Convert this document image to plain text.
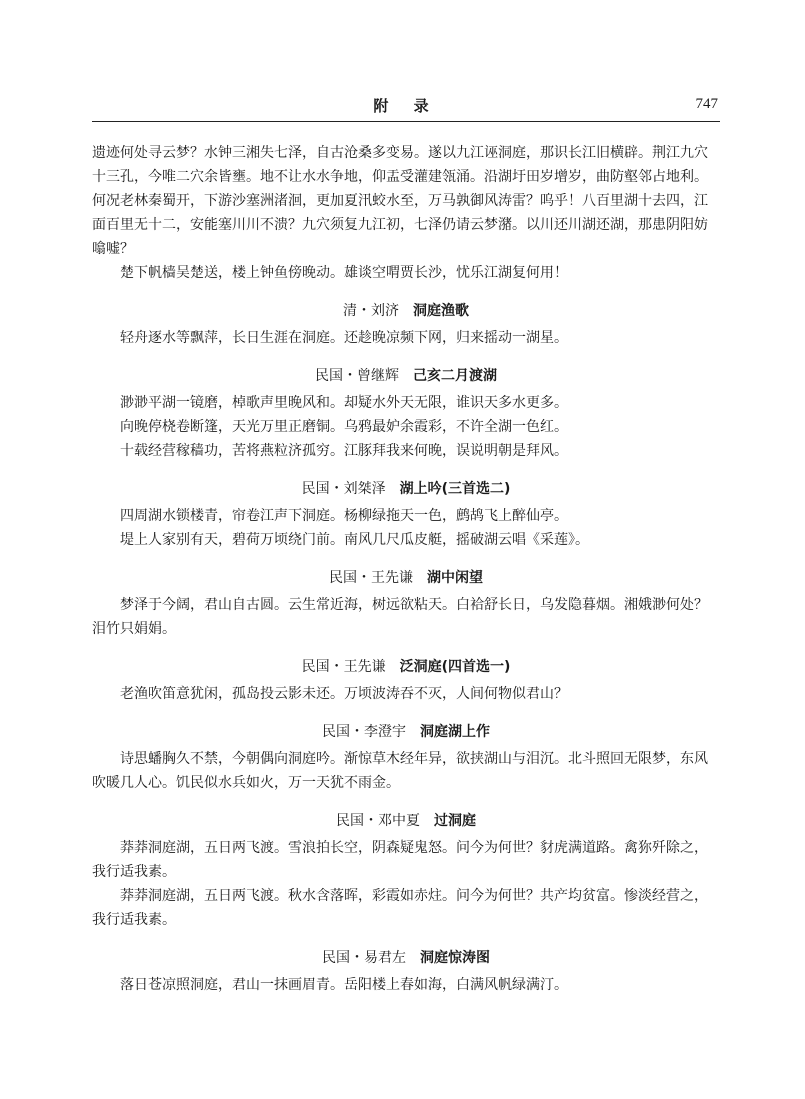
附 录	747

遗迹何处寻云梦？水钟三湘失七泽，自古沧桑多变易。遂以九江诬洞庭，那识长江旧横辟。荆江九穴
十三孔，今唯二穴余皆壅。地不让水水争地，仰盂受灌建瓴涌。沿湖圩田岁增岁，曲防壑邻占地利。
何况老林秦蜀开，下游沙塞洲渚洄，更加夏汛蛟水至，万马孰御风涛雷？呜乎！八百里湖十去四，江
面百里无十二，安能塞川川不溃？九穴须复九江初，七泽仍请云梦潴。以川还川湖还湖，那患阴阳妨
噏嘘？

楚下帆樯吴楚送，楼上钟鱼傍晚动。雄谈空喟贾长沙，忧乐江湖复何用！

清・刘济 洞庭渔歌

轻舟逐水等飘萍，长日生涯在洞庭。还趁晚凉频下网，归来摇动一湖星。

民国・曾继辉 己亥二月渡湖

渺渺平湖一镜磨，棹歌声里晚风和。却疑水外天无限，谁识天多水更多。

向晚停桡卷断篷，天光万里正磨铜。乌鸦最妒余霞彩，不许全湖一色红。

十载经营稼穑功，苦将燕粒济孤穷。江豚拜我来何晚，误说明朝是拜风。

民国・刘桀泽 湖上吟(三首选二)

四周湖水锁楼青，帘卷江声下洞庭。杨柳绿拖天一色，鹧鸪飞上醉仙亭。

堤上人家别有天，碧荷万顷绕门前。南风几尺瓜皮艇，摇破湖云唱《采莲》。

民国・王先谦 湖中闲望

梦泽于今阔，君山自古圆。云生常近海，树远欲粘天。白袷舒长日，乌发隐暮烟。湘娥渺何处？

泪竹只娟娟。

民国・王先谦 泛洞庭(四首选一)

老渔吹笛意犹闲，孤岛投云影未还。万顷波涛吞不灭，人间何物似君山？

民国・李澄宇 洞庭湖上作

诗思蟠胸久不禁，今朝偶向洞庭吟。渐惊草木经年异，欲挟湖山与泪沉。北斗照回无限梦，东风

吹暖几人心。饥民似水兵如火，万一天犹不雨金。

民国・邓中夏 过洞庭

莽莽洞庭湖，五日两飞渡。雪浪拍长空，阴森疑鬼怒。问今为何世？豺虎满道路。禽狝歼除之，

我行适我素。

莽莽洞庭湖，五日两飞渡。秋水含落晖，彩霞如赤炷。问今为何世？共产均贫富。惨淡经营之，

我行适我素。

民国・易君左 洞庭惊涛图

落日苍凉照洞庭，君山一抹画眉青。岳阳楼上春如海，白满风帆绿满汀。
